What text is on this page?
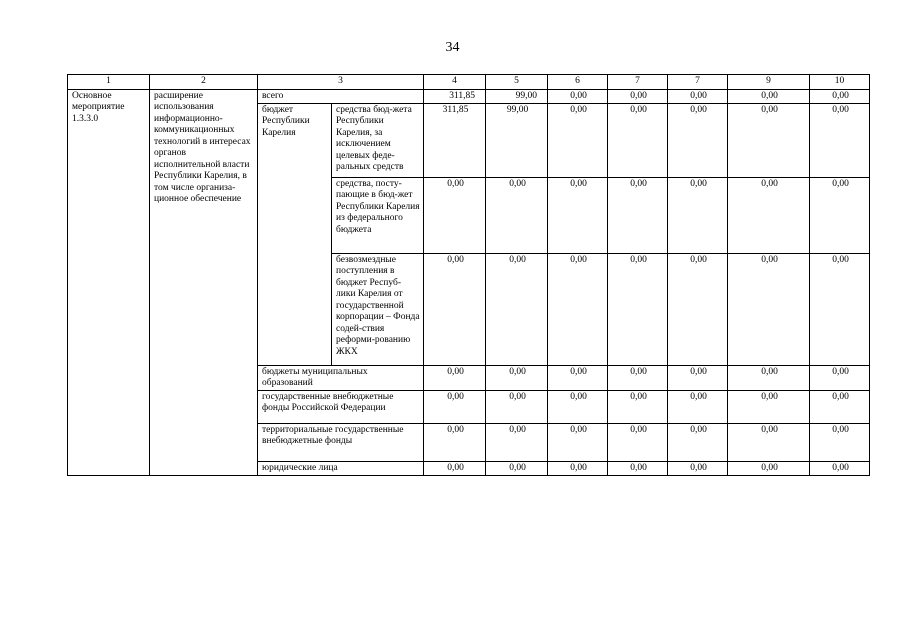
34
1	2	3		4	5	6	7	7	9	10
Основное мероприятие 1.3.3.0	расширение использования информационно-коммуникационных технологий в интересах органов исполнительной власти Республики Карелия, в том числе организа-ционное обеспечение	всего		311,85	99,00	0,00	0,00	0,00	0,00	0,00
		бюджет Республики Карелия	средства бюд-жета Республики Карелия, за исключением целевых феде-ральных средств	311,85	99,00	0,00	0,00	0,00	0,00	0,00
			средства, посту-пающие в бюд-жет Республики Карелия из федерального бюджета	0,00	0,00	0,00	0,00	0,00	0,00	0,00
			безвозмездные поступления в бюджет Респуб-лики Карелия от государственной корпорации – Фонда содей-ствия реформи-рованию ЖКХ	0,00	0,00	0,00	0,00	0,00	0,00	0,00
		бюджеты муниципальных образований		0,00	0,00	0,00	0,00	0,00	0,00	0,00
		государственные внебюджетные фонды Российской Федерации		0,00	0,00	0,00	0,00	0,00	0,00	0,00
		территориальные государственные внебюджетные фонды		0,00	0,00	0,00	0,00	0,00	0,00	0,00
		юридические лица		0,00	0,00	0,00	0,00	0,00	0,00	0,00
